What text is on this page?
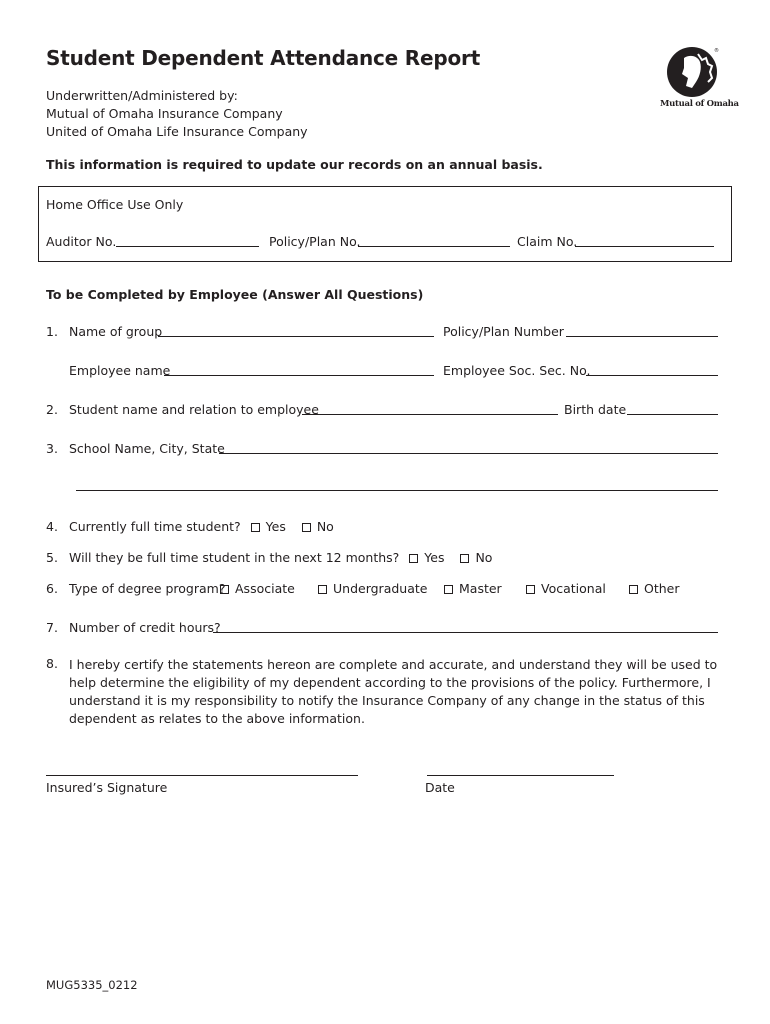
Student Dependent Attendance Report
Underwritten/Administered by:
Mutual of Omaha Insurance Company
United of Omaha Life Insurance Company
This information is required to update our records on an annual basis.
®
Mutual of Omaha
Home Office Use Only
Auditor No.	Policy/Plan No.	Claim No.
To be Completed by Employee (Answer All Questions)
1. Name of group	Policy/Plan Number
Employee name	Employee Soc. Sec. No.
2. Student name and relation to employee	Birth date
3. School Name, City, State
4. Currently full time student? Yes No
5. Will they be full time student in the next 12 months? Yes No
6. Type of degree program? Associate	Undergraduate	Master	Vocational	Other
7. Number of credit hours?
8. I hereby certify the statements hereon are complete and accurate, and understand they will be used to help determine the eligibility of my dependent according to the provisions of the policy. Furthermore, I understand it is my responsibility to notify the Insurance Company of any change in the status of this dependent as relates to the above information.
Insured’s Signature	Date
MUG5335_0212
